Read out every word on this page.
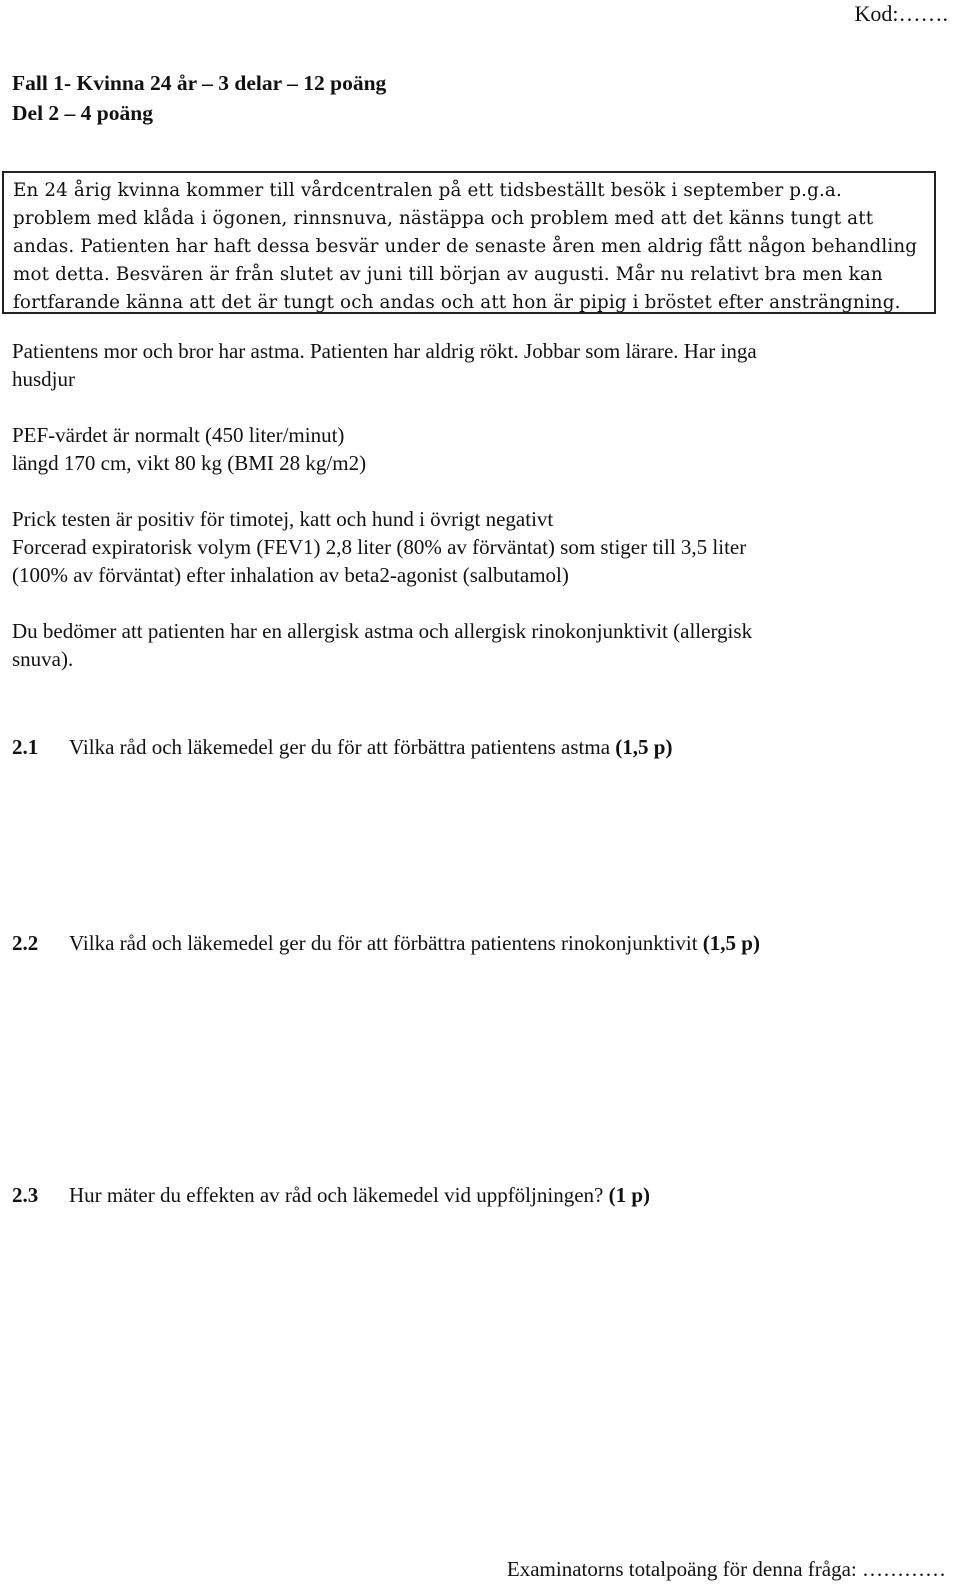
Kod:…….
Fall 1- Kvinna 24 år – 3 delar – 12 poäng
Del 2 – 4 poäng
En 24 årig kvinna kommer till vårdcentralen på ett tidsbeställt besök i september p.g.a.
problem med klåda i ögonen, rinnsnuva, nästäppa och problem med att det känns tungt att
andas. Patienten har haft dessa besvär under de senaste åren men aldrig fått någon behandling
mot detta. Besvären är från slutet av juni till början av augusti. Mår nu relativt bra men kan
fortfarande känna att det är tungt och andas och att hon är pipig i bröstet efter ansträngning.
Patientens mor och bror har astma. Patienten har aldrig rökt. Jobbar som lärare. Har inga
husdjur
PEF-värdet är normalt (450 liter/minut)
längd 170 cm, vikt 80 kg (BMI 28 kg/m2)
Prick testen är positiv för timotej, katt och hund i övrigt negativt
Forcerad expiratorisk volym (FEV1) 2,8 liter (80% av förväntat) som stiger till 3,5 liter
(100% av förväntat) efter inhalation av beta2-agonist (salbutamol)
Du bedömer att patienten har en allergisk astma och allergisk rinokonjunktivit (allergisk
snuva).
2.1 Vilka råd och läkemedel ger du för att förbättra patientens astma (1,5 p)
2.2 Vilka råd och läkemedel ger du för att förbättra patientens rinokonjunktivit (1,5 p)
2.3 Hur mäter du effekten av råd och läkemedel vid uppföljningen? (1 p)
Examinatorns totalpoäng för denna fråga: …………
